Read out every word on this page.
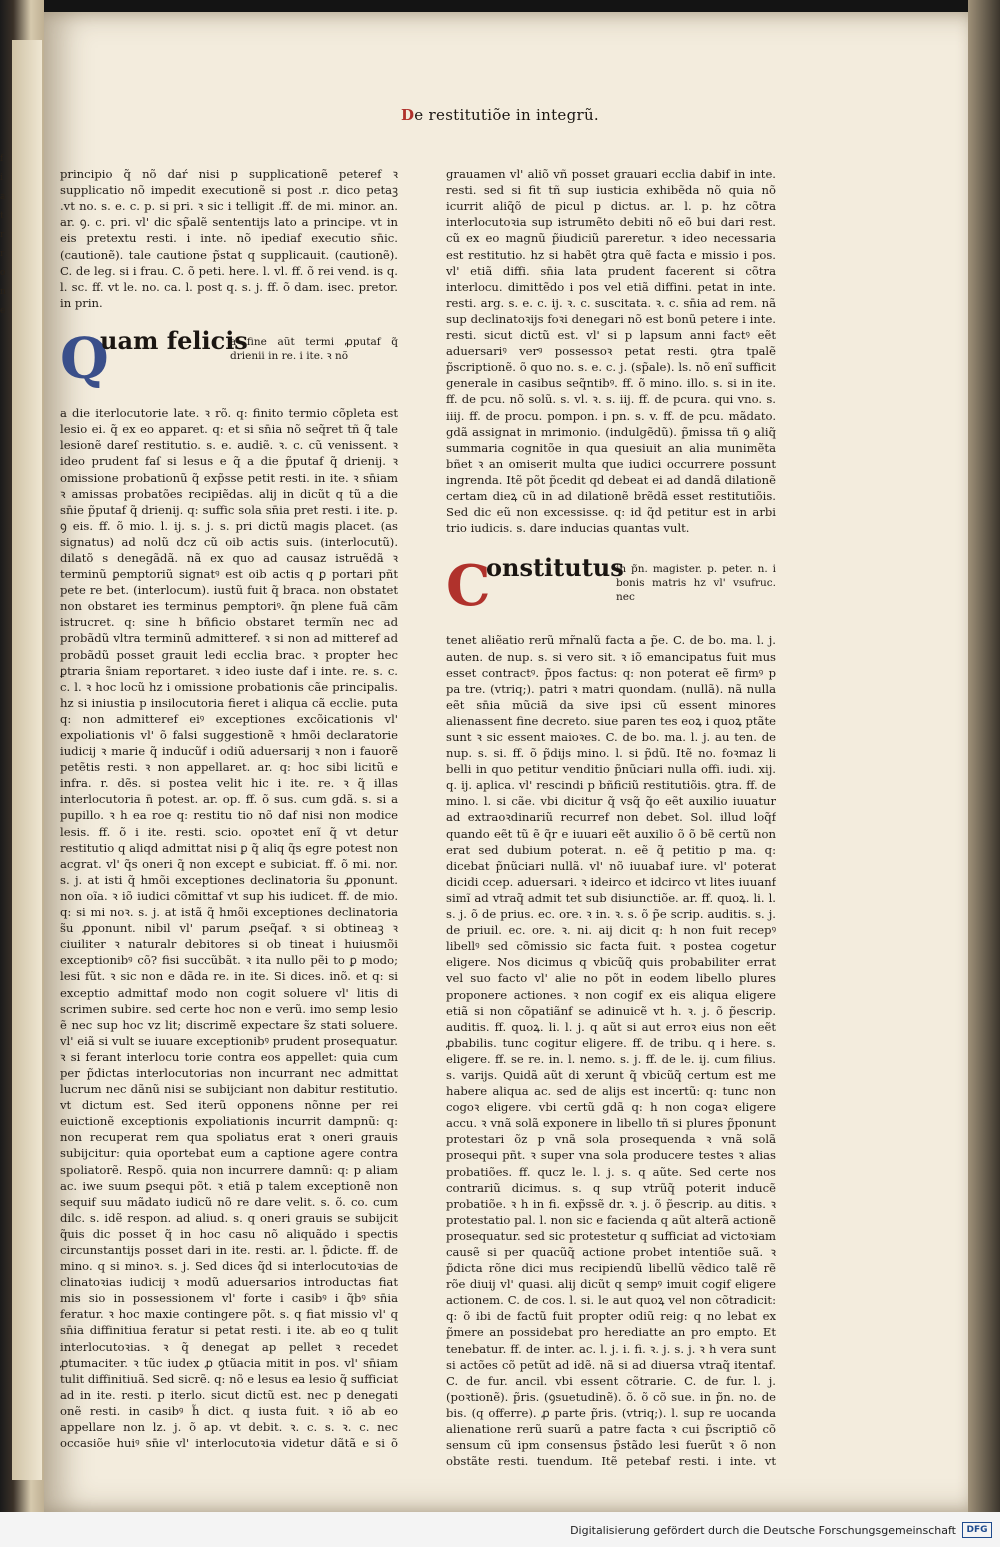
f
i
a
t
r
r
o
n
e
De restitutiõe in integrũ.

principio q̃ nõ daŕ nisi p supplicationẽ peteref ꝛ supplicatio nõ impedit executionẽ si post .r. dico petaꝫ .vt no. s. e. c. p. si pri. ꝛ sic i telligit .ff. de mi. minor. an. ar. ꝯ. c. pri. vl' dic sp̃alẽ sententijs lato a principe. vt in eis pretextu resti. i inte. nõ ipediaf executio sn̄ic. (cautionẽ). tale cautione p̃stat q supplicauit. (cautionẽ). C. de leg. si i frau. C. õ peti. here. l. vl. ff. õ rei vend. is q. l. sc. ff. vt le. no. ca. l. post q. s. j. ff. õ dam. isec. pretor. in prin.

Q

uam felicis

a fine aũt termi ꝓputaf q̃ drienii in re. i ite. ꝛ nõ

a die iterlocutorie late. ꝛ rõ. q: finito termio cõpleta est lesio ei. q̃ ex eo apparet. q: et si sn̄ia nõ seq̃ret tñ q̃ tale lesionẽ dareſ restitutio. s. e. audiẽ. ꝛ. c. cũ venissent. ꝛ ideo prudent faſ si lesus e q̃ a die p̃putaf q̃ drienij. ꝛ omissione probationũ q̃ exp̃sse petit resti. in ite. ꝛ sn̄iam ꝛ amissas probatões recipiẽdas. alij in dicũt q tũ a die sn̄ie p̃putaf q̃ drienij. q: suffic sola sn̄ia pret resti. i ite. p. ꝯ eis. ff. õ mio. l. ij. s. j. s. pri dictũ magis placet. (as signatus) ad nolũ dcz cũ oib actis suis. (interlocutũ). dilatõ s denegãdã. nã ex quo ad causaz istruẽdã ꝛ terminũ ꝑemptoriũ signatꝰ est oib actis q ꝑ portari pñt pete re bet. (interlocum). iustũ fuit q̃ braca. non obstatet non obstaret ies terminus ꝑemptoriꝰ. q̃n plene fuã cãm istrucret. q: sine h bñficio obstaret termĩn nec ad probãdũ vltra terminũ admitteref. ꝛ si non ad mitteref ad probãdũ posset grauit ledi ecclia brac. ꝛ propter hec ꝑtraria s̃niam reportaret. ꝛ ideo iuste daf i inte. re. s. c. c. l. ꝛ hoc locũ hz i omissione probationis cãe principalis. hz si iniustia p insilocutoria fieret i aliqua cã ecclie. puta q: non admitteref eiꝰ exceptiones excõicationis vl' expoliationis vl' õ falsi suggestionẽ ꝛ hmõi declaratorie iudicij ꝛ marie q̃ inducũf i odiũ aduersarij ꝛ non i fauorẽ petẽtis resti. ꝛ non appellaret. ar. q: hoc sibi licitũ e infra. r. dẽs. si postea velit hic i ite. re. ꝛ q̃ illas interlocutoria n̄ potest. ar. op. ff. õ sus. cum gdã. s. si a pupillo. ꝛ h ea roe q: restitu tio nõ daf nisi non modice lesis. ff. õ i ite. resti. scio. opoꝛtet enĩ q̃ vt detur restitutio q aliqd admittat nisi ꝑ q̃ aliq q̃s egre potest non acgrat. vl' q̃s oneri q̃ non except e subiciat. ff. õ mi. nor. s. j. at isti q̃ hmõi exceptiones declinatoria s̃u ꝓponunt. non oĩa. ꝛ iõ iudici cõmittaf vt sup his iudicet. ff. de mio. q: si mi noꝛ. s. j. at istã q̃ hmõi exceptiones declinatoria s̃u ꝓponunt. nibil vl' parum ꝓseq̃af. ꝛ si obtineaꝫ ꝛ ciuiliter ꝛ naturalr debitores si ob tineat i huiusmõi exceptionibꝰ cõ? fisi succũbãt. ꝛ ita nullo pẽi to ꝑ modo; lesi fũt. ꝛ sic non e dãda re. in ite. Si dices. inõ. et q: si exceptio admittaf modo non cogit soluere vl' litis di scrimen subire. sed certe hoc non e verũ. imo semp lesio ẽ nec sup hoc vz lit; discrimẽ expectare s̃z stati soluere. vl' eiã si vult se iuuare exceptionibꝰ prudent prosequatur. ꝛ si ferant interlocu torie contra eos appellet: quia cum per p̃dictas interlocutorias non incurrant nec admittat lucrum nec dãnũ nisi se subijciant non dabitur restitutio. vt dictum est. Sed iterũ opponens nõnne per rei euictionẽ exceptionis expoliationis incurrit dampnũ: q: non recuperat rem qua spoliatus erat ꝛ oneri grauis subijcitur: quia oportebat eum a captione agere contra spoliatorẽ. Respõ. quia non incurrere damnũ: q: p aliam ac. iwe suum ꝑsequi põt. ꝛ etiã p talem exceptionẽ non sequif suu mãdato iudicũ nõ re dare velit. s. õ. co. cum dilc. s. idẽ respon. ad aliud. s. q oneri grauis se subijcit q̃uis dic posset q̃ in hoc casu nõ aliquãdo i spectis circunstantijs posset dari in ite. resti. ar. l. p̃dicte. ff. de mino. q si minoꝛ. s. j. Sed dices q̃d si interlocutoꝛias de clinatoꝛias iudicij ꝛ modũ aduersarios introductas fiat mis sio in possessionem vl' forte i casibꝰ i q̃bꝰ sn̄ia feratur. ꝛ hoc maxie contingere põt. s. q fiat missio vl' q sn̄ia diffinitiua feratur si petat resti. i ite. ab eo q tulit interlocutoꝛias. ꝛ q̃ denegat ap pellet ꝛ recedet ꝓtumaciter. ꝛ tũc iudex ꝓ ꝯtũacia mitit in pos. vl' sn̄iam tulit diffinitiuã. Sed sicrẽ. q: nõ e lesus ea lesio q̃ sufficiat ad in ite. resti. p iterlo. sicut dictũ est. nec p denegati onẽ resti. in casibꝰ h̃ dict. q iusta fuit. ꝛ iõ ab eo appellare non lz. j. õ ap. vt debit. ꝛ. c. s. ꝛ. c. nec occasiõe huiꝰ sn̄ie vl' interlocutoꝛia videtur dãtã e si õ

grauamen vl' aliõ vñ posset grauari ecclia dabif in inte. resti. sed si fit tñ sup iusticia exhibẽda nõ quia nõ icurrit aliq̃õ de picul p dictus. ar. l. p. hz cõtra interlocutoꝛia sup istrumẽto debiti nõ eõ bui dari rest. cũ ex eo magnũ p̃iudiciũ pareretur. ꝛ ideo necessaria est restitutio. hz si habẽt ꝯtra quẽ facta e missio i pos. vl' etiã diffi. sn̄ia lata prudent facerent si cõtra interlocu. dimittẽdo i pos vel etiã diffini. petat in inte. resti. arg. s. e. c. ij. ꝛ. c. suscitata. ꝛ. c. sn̄ia ad rem. nã sup declinatoꝛijs foꝛi denegari nõ est bonũ petere i inte. resti. sicut dictũ est. vl' si p lapsum anni factꝰ eẽt aduersariꝰ verꝰ possessoꝛ petat resti. ꝯtra tpalẽ p̃scriptionẽ. õ quo no. s. e. c. j. (sp̃ale). ls. nõ enĩ sufficit generale in casibus seq̃ntibꝰ. ff. õ mino. illo. s. si in ite. ff. de pcu. nõ solũ. s. vl. ꝛ. s. iij. ff. de pcura. qui vno. s. iiij. ff. de procu. pompon. i pn. s. v. ff. de pcu. mãdato. gdã assignat in mrimonio. (indulgẽdũ). p̃missa tñ ꝯ aliq̃ summaria cognitõe in qua quesiuit an alia munimẽta bñet ꝛ an omiserit multa que iudici occurrere possunt ingrenda. Itẽ põt p̃cedit qd debeat ei ad dandã dilationẽ certam dieꝝ cũ in ad dilationẽ brẽdã esset restitutiõis. Sed dic eũ non excessisse. q: id q̃d petitur est in arbi trio iudicis. s. dare inducias quantas vult.

C

onstitutus

in p̃n. magister. p. peter. n. i bonis matris hz vl' vsufruc. nec

tenet aliẽatio rerũ mr̃nalũ facta a p̃e. C. de bo. ma. l. j. auten. de nup. s. si vero sit. ꝛ iõ emancipatus fuit mus esset contractꝰ. p̃pos factus: q: non poterat eẽ firmꝰ p pa tre. (vtriq;). patri ꝛ matri quondam. (nullã). nã nulla eẽt sn̄ia mũciã da sive ipsi cũ essent minores alienassent fine decreto. siue paren tes eoꝝ i quoꝝ ptãte sunt ꝛ sic essent maioꝛes. C. de bo. ma. l. j. au ten. de nup. s. si. ff. õ p̃dijs mino. l. si p̃dũ. Itẽ no. foꝛmaz li belli in quo petitur venditio p̃nũciari nulla offi. iudi. xij. q. ij. aplica. vl' rescindi p bñficiũ restitutiõis. ꝯtra. ff. de mino. l. si cãe. vbi dicitur q̃ vsq̃ q̃o eẽt auxilio iuuatur ad extraoꝛdinariũ recurref non debet. Sol. illud loq̃f quando eẽt tũ ẽ q̃r e iuuari eẽt auxilio õ õ bẽ certũ non erat sed dubium poterat. n. eẽ q̃ petitio p ma. q: dicebat p̃nũciari nullã. vl' nõ iuuabaf iure. vl' poterat dicidi ccep. aduersari. ꝛ ideirco et idcirco vt lites iuuanf simĩ ad vtraq̃ admit tet sub disiunctiõe. ar. ff. quoꝝ. li. l. s. j. õ de prius. ec. ore. ꝛ in. ꝛ. s. õ p̃e scrip. auditis. s. j. de priuil. ec. ore. ꝛ. ni. aij dicit q: h non fuit recepꝰ libellꝰ sed cõmissio sic facta fuit. ꝛ postea cogetur eligere. Nos dicimus q vbicũq̃ quis probabiliter errat vel suo facto vl' alie no põt in eodem libello plures proponere actiones. ꝛ non cogif ex eis aliqua eligere etiã si non cõpatiãnf se adinuicẽ vt h. ꝛ. j. õ p̃escrip. auditis. ff. quoꝝ. li. l. j. q aũt si aut erroꝛ eius non eẽt ꝓbabilis. tunc cogitur eligere. ff. de tribu. q i here. s. eligere. ff. se re. in. l. nemo. s. j. ff. de le. ij. cum filius. s. varijs. Quidã aũt di xerunt q̃ vbicũq̃ certum est me habere aliqua ac. sed de alijs est incertũ: q: tunc non cogoꝛ eligere. vbi certũ gdã q: h non cogaꝛ eligere accu. ꝛ vnã solã exponere in libello tñ si plures p̃ponunt protestari õz p vnã sola prosequenda ꝛ vnã solã prosequi pñt. ꝛ super vna sola producere testes ꝛ alias probatiões. ff. qucz le. l. j. s. q aũte. Sed certe nos contrariũ dicimus. s. q sup vtrũq̃ poterit inducẽ probatiõe. ꝛ h in fi. exp̃ssẽ dr. ꝛ. j. õ p̃escrip. au ditis. ꝛ protestatio pal. l. non sic e facienda q aũt alterã actionẽ prosequatur. sed sic protestetur q sufficiat ad victoꝛiam causẽ si per quacũq̃ actione probet intentiõe suã. ꝛ p̃dicta rõne dici mus recipiendũ libellũ vẽdico talẽ rẽ rõe diuij vl' quasi. alij dicũt q sempꝰ imuit cogif eligere actionem. C. de cos. l. si. le aut quoꝝ vel non cõtradicit: q: õ ibi de factũ fuit propter odiũ reig: q no lebat ex p̃mere an possidebat pro herediatte an pro empto. Et tenebatur. ff. de inter. ac. l. j. i. fi. ꝛ. j. s. j. ꝛ h vera sunt si actões cõ petũt ad idẽ. nã si ad diuersa vtraq̃ itentaf. C. de fur. ancil. vbi essent cõtrarie. C. de fur. l. j. (poꝛtionẽ). p̃ris. (ꝯsuetudinẽ). õ. õ cõ sue. in p̃n. no. de bis. (q offerre). ꝓ parte p̃ris. (vtriq;). l. sup re uocanda alienatione rerũ suarũ a patre facta ꝛ cui p̃scriptiõ cõ sensum cũ ipm consensus p̃stãdo lesi fuerũt ꝛ õ non obstãte resti. tuendum. Itẽ petebaf resti. i inte. vt

Digitalisierung gefördert durch die Deutsche Forschungsgemeinschaft	DFG
